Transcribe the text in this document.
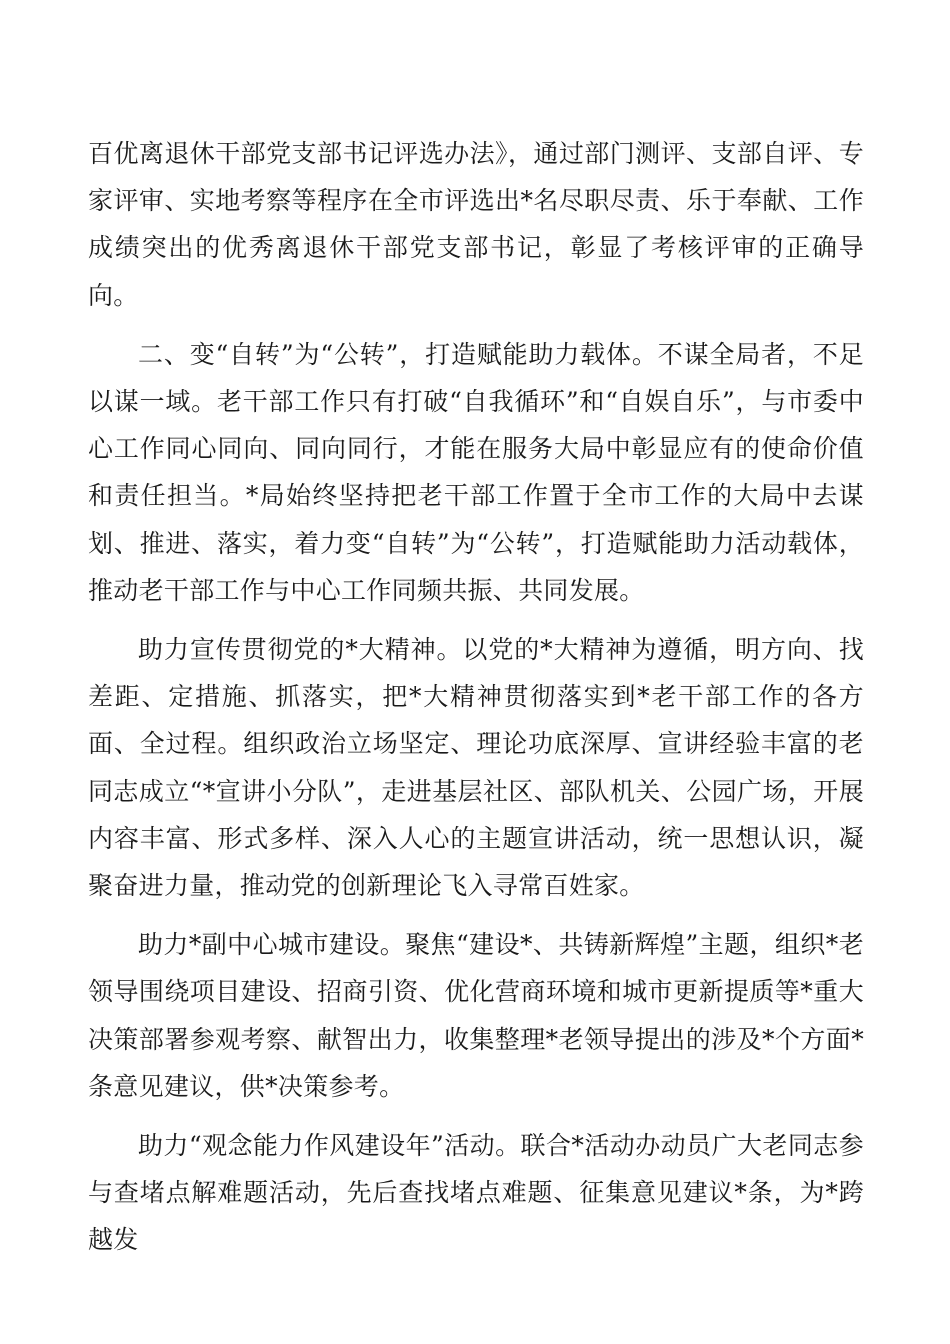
百优离退休干部党支部书记评选办法》，通过部门测评、支部自评、专家评审、实地考察等程序在全市评选出*名尽职尽责、乐于奉献、工作成绩突出的优秀离退休干部党支部书记，彰显了考核评审的正确导向。

二、变“自转”为“公转”，打造赋能助力载体。不谋全局者，不足以谋一域。老干部工作只有打破“自我循环”和“自娱自乐”，与市委中心工作同心同向、同向同行，才能在服务大局中彰显应有的使命价值和责任担当。*局始终坚持把老干部工作置于全市工作的大局中去谋划、推进、落实，着力变“自转”为“公转”，打造赋能助力活动载体，推动老干部工作与中心工作同频共振、共同发展。

助力宣传贯彻党的*大精神。以党的*大精神为遵循，明方向、找差距、定措施、抓落实，把*大精神贯彻落实到*老干部工作的各方面、全过程。组织政治立场坚定、理论功底深厚、宣讲经验丰富的老同志成立“*宣讲小分队”，走进基层社区、部队机关、公园广场，开展内容丰富、形式多样、深入人心的主题宣讲活动，统一思想认识，凝聚奋进力量，推动党的创新理论飞入寻常百姓家。

助力*副中心城市建设。聚焦“建设*、共铸新辉煌”主题，组织*老领导围绕项目建设、招商引资、优化营商环境和城市更新提质等*重大决策部署参观考察、献智出力，收集整理*老领导提出的涉及*个方面*条意见建议，供*决策参考。

助力“观念能力作风建设年”活动。联合*活动办动员广大老同志参与查堵点解难题活动，先后查找堵点难题、征集意见建议*条，为*跨越发
